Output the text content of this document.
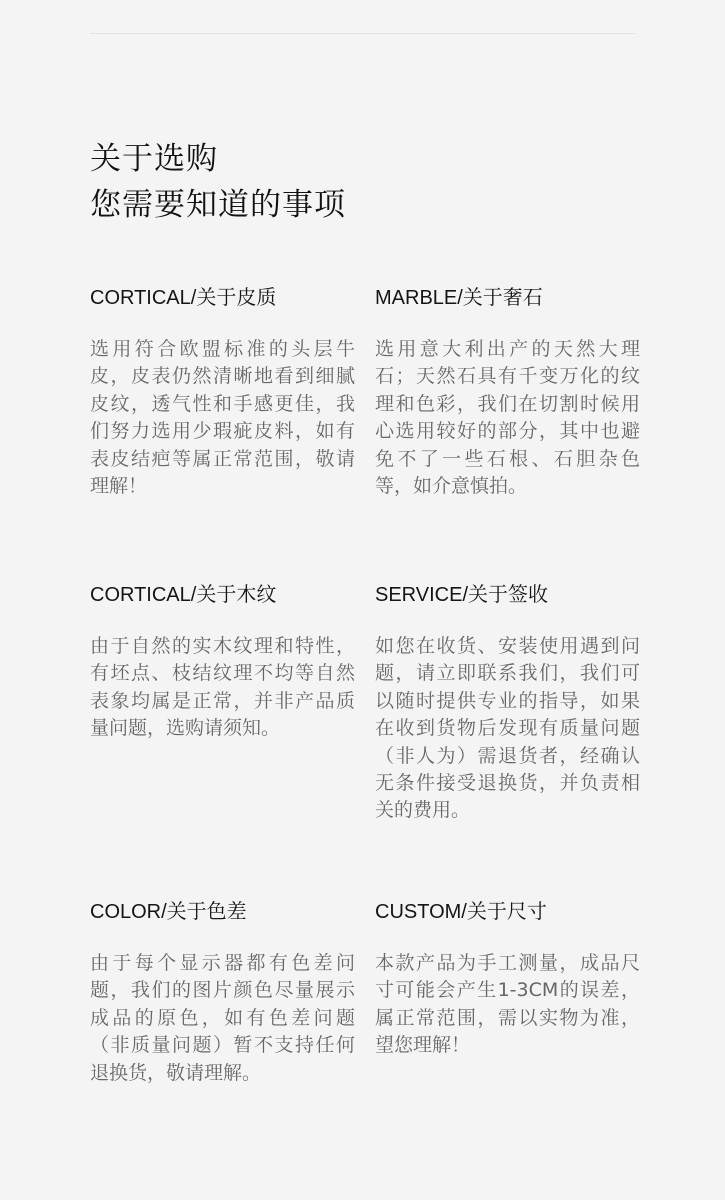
关于选购
您需要知道的事项
CORTICAL/关于皮质

选用符合欧盟标准的头层牛皮，皮表仍然清晰地看到细腻皮纹，透气性和手感更佳，我们努力选用少瑕疵皮料，如有表皮结疤等属正常范围，敬请理解！

MARBLE/关于奢石

选用意大利出产的天然大理石；天然石具有千变万化的纹理和色彩，我们在切割时候用心选用较好的部分，其中也避免不了一些石根、石胆杂色等，如介意慎拍。

CORTICAL/关于木纹

由于自然的实木纹理和特性，有坯点、枝结纹理不均等自然表象均属是正常，并非产品质量问题，选购请须知。

SERVICE/关于签收

如您在收货、安装使用遇到问题，请立即联系我们，我们可以随时提供专业的指导，如果在收到货物后发现有质量问题（非人为）需退货者，经确认无条件接受退换货，并负责相关的费用。

COLOR/关于色差

由于每个显示器都有色差问题，我们的图片颜色尽量展示成品的原色，如有色差问题（非质量问题）暂不支持任何退换货，敬请理解。

CUSTOM/关于尺寸

本款产品为手工测量，成品尺寸可能会产生1-3CM的误差，属正常范围，需以实物为准，望您理解！
